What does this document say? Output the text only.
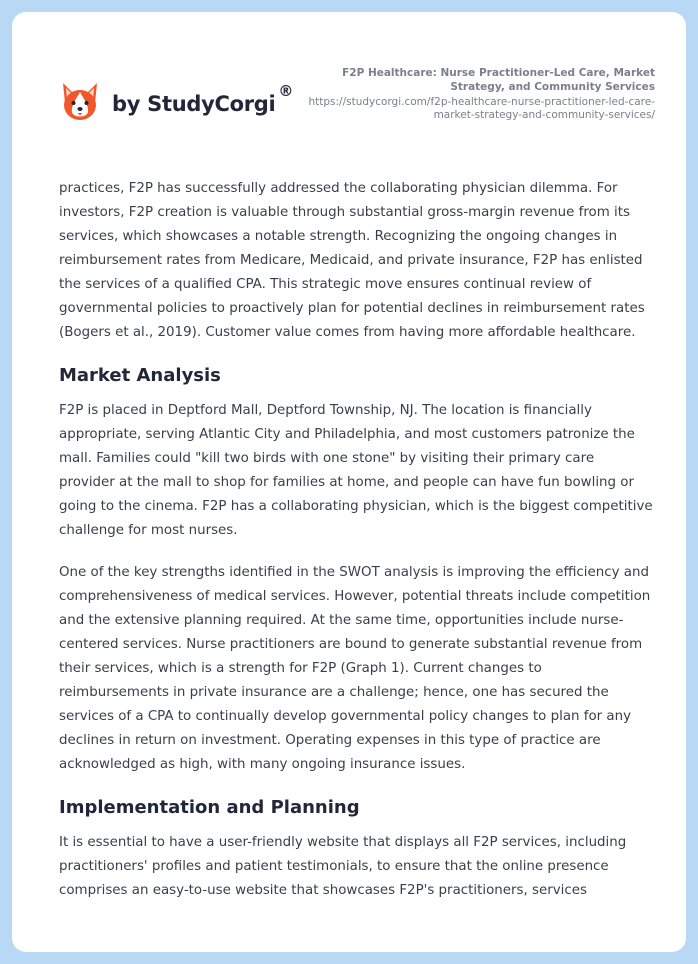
by StudyCorgi
®
F2P Healthcare: Nurse Practitioner-Led Care, Market Strategy, and Community Services
https://studycorgi.com/f2p-healthcare-nurse-practitioner-led-care-market-strategy-and-community-services/

practices, F2P has successfully addressed the collaborating physician dilemma. For investors, F2P creation is valuable through substantial gross-margin revenue from its services, which showcases a notable strength. Recognizing the ongoing changes in reimbursement rates from Medicare, Medicaid, and private insurance, F2P has enlisted the services of a qualified CPA. This strategic move ensures continual review of governmental policies to proactively plan for potential declines in reimbursement rates (Bogers et al., 2019). Customer value comes from having more affordable healthcare.

Market Analysis

F2P is placed in Deptford Mall, Deptford Township, NJ. The location is financially appropriate, serving Atlantic City and Philadelphia, and most customers patronize the mall. Families could "kill two birds with one stone" by visiting their primary care provider at the mall to shop for families at home, and people can have fun bowling or going to the cinema. F2P has a collaborating physician, which is the biggest competitive challenge for most nurses.

One of the key strengths identified in the SWOT analysis is improving the efficiency and comprehensiveness of medical services. However, potential threats include competition and the extensive planning required. At the same time, opportunities include nurse-centered services. Nurse practitioners are bound to generate substantial revenue from their services, which is a strength for F2P (Graph 1). Current changes to reimbursements in private insurance are a challenge; hence, one has secured the services of a CPA to continually develop governmental policy changes to plan for any declines in return on investment. Operating expenses in this type of practice are acknowledged as high, with many ongoing insurance issues.

Implementation and Planning

It is essential to have a user-friendly website that displays all F2P services, including practitioners' profiles and patient testimonials, to ensure that the online presence comprises an easy-to-use website that showcases F2P's practitioners, services
